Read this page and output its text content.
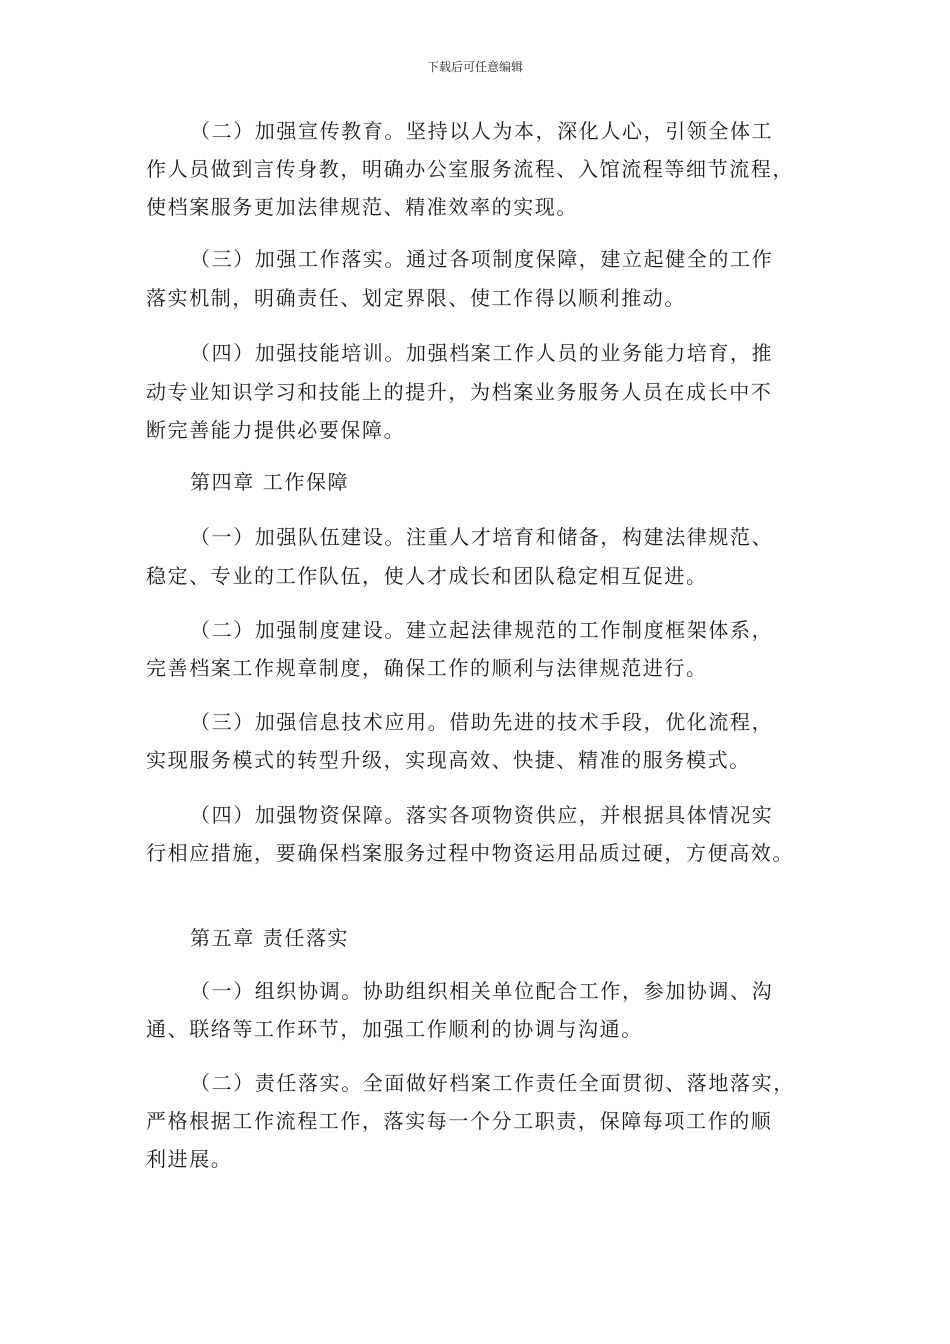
下载后可任意编辑
（二）加强宣传教育。坚持以人为本，深化人心，引领全体工
作人员做到言传身教，明确办公室服务流程、入馆流程等细节流程，
使档案服务更加法律规范、精准效率的实现。
（三）加强工作落实。通过各项制度保障，建立起健全的工作
落实机制，明确责任、划定界限、使工作得以顺利推动。
（四）加强技能培训。加强档案工作人员的业务能力培育，推
动专业知识学习和技能上的提升，为档案业务服务人员在成长中不
断完善能力提供必要保障。
第四章 工作保障
（一）加强队伍建设。注重人才培育和储备，构建法律规范、
稳定、专业的工作队伍，使人才成长和团队稳定相互促进。
（二）加强制度建设。建立起法律规范的工作制度框架体系，
完善档案工作规章制度，确保工作的顺利与法律规范进行。
（三）加强信息技术应用。借助先进的技术手段，优化流程，
实现服务模式的转型升级，实现高效、快捷、精准的服务模式。
（四）加强物资保障。落实各项物资供应，并根据具体情况实
行相应措施，要确保档案服务过程中物资运用品质过硬，方便高效。
第五章 责任落实
（一）组织协调。协助组织相关单位配合工作，参加协调、沟
通、联络等工作环节，加强工作顺利的协调与沟通。
（二）责任落实。全面做好档案工作责任全面贯彻、落地落实，
严格根据工作流程工作，落实每一个分工职责，保障每项工作的顺
利进展。
